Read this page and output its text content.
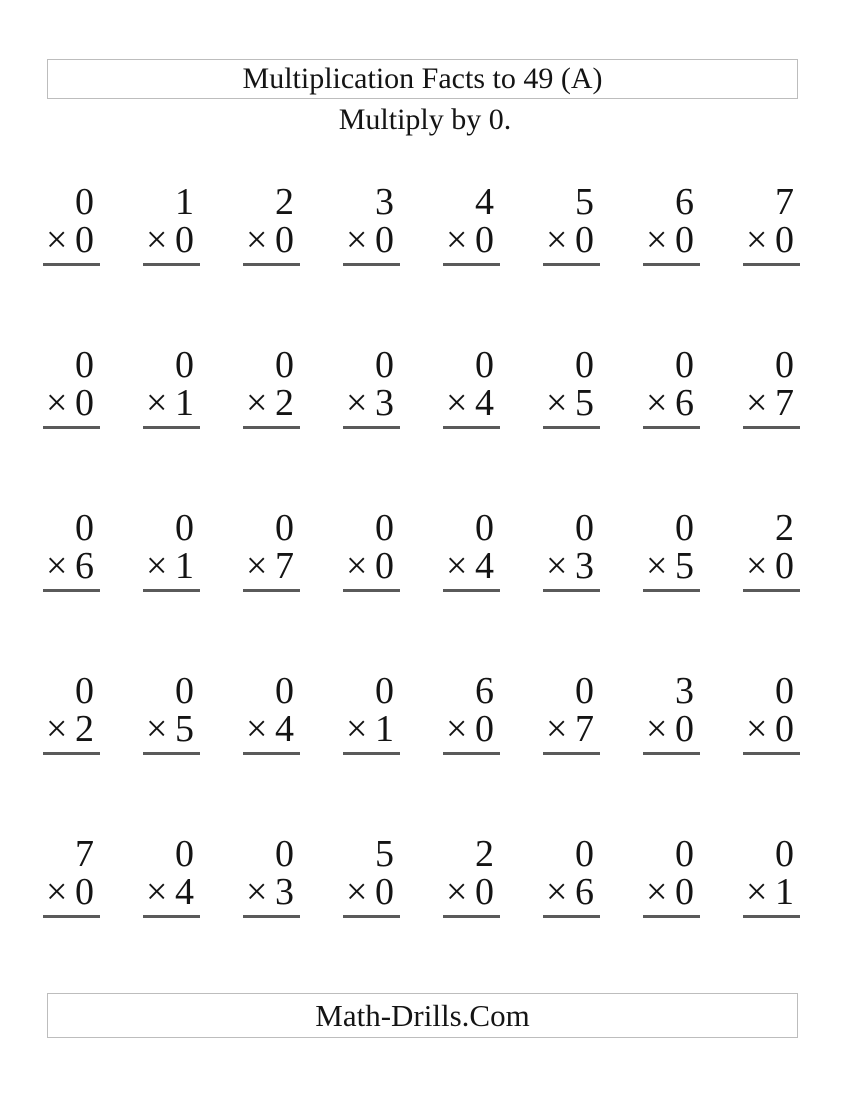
Multiplication Facts to 49 (A)
Multiply by 0.
0
× 0
1
× 0
2
× 0
3
× 0
4
× 0
5
× 0
6
× 0
7
× 0
0
× 0
0
× 1
0
× 2
0
× 3
0
× 4
0
× 5
0
× 6
0
× 7
0
× 6
0
× 1
0
× 7
0
× 0
0
× 4
0
× 3
0
× 5
2
× 0
0
× 2
0
× 5
0
× 4
0
× 1
6
× 0
0
× 7
3
× 0
0
× 0
7
× 0
0
× 4
0
× 3
5
× 0
2
× 0
0
× 6
0
× 0
0
× 1
Math-Drills.Com
